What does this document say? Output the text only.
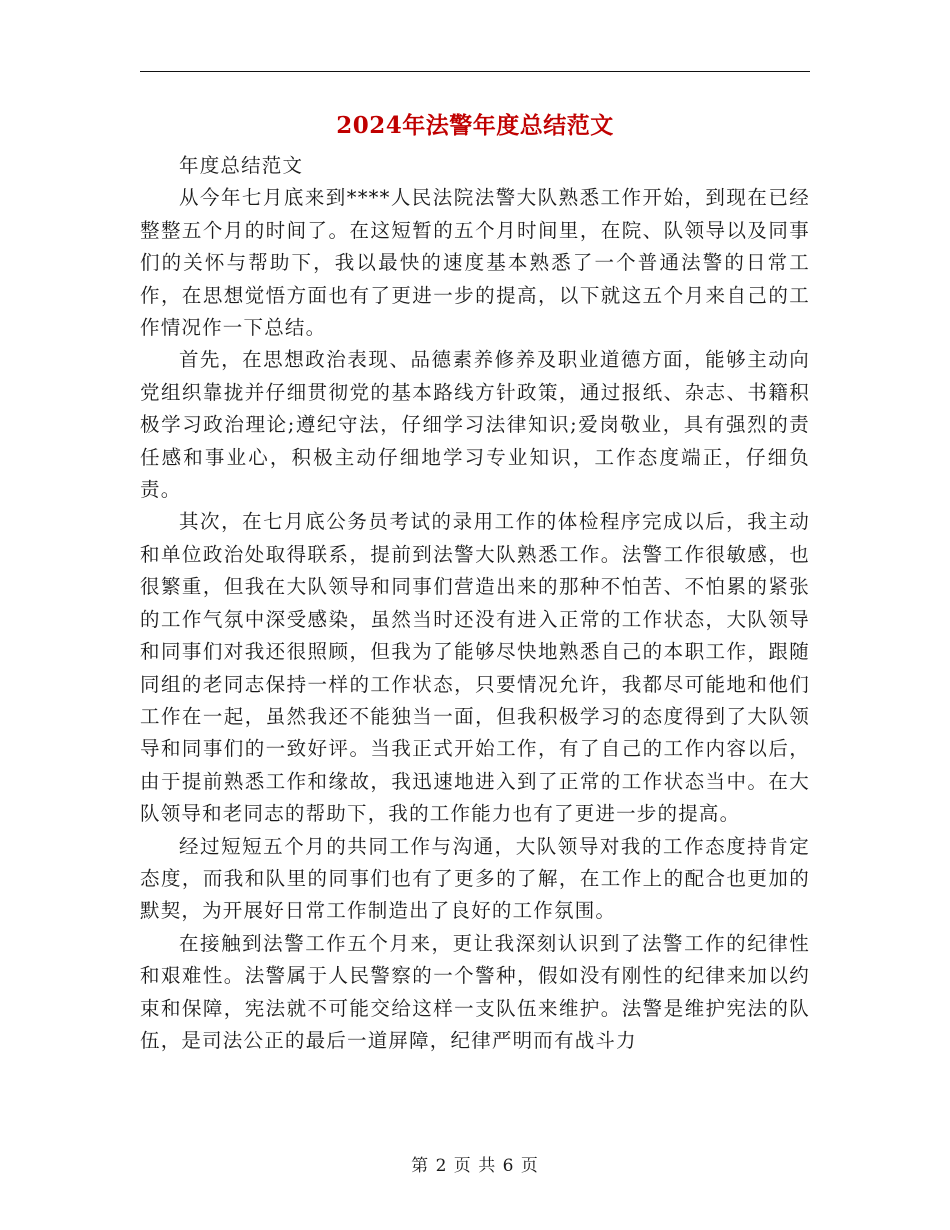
2024年法警年度总结范文

年度总结范文

从今年七月底来到****人民法院法警大队熟悉工作开始，到现在已经整整五个月的时间了。在这短暂的五个月时间里，在院、队领导以及同事们的关怀与帮助下，我以最快的速度基本熟悉了一个普通法警的日常工作，在思想觉悟方面也有了更进一步的提高，以下就这五个月来自己的工作情况作一下总结。

首先，在思想政治表现、品德素养修养及职业道德方面，能够主动向党组织靠拢并仔细贯彻党的基本路线方针政策，通过报纸、杂志、书籍积极学习政治理论;遵纪守法，仔细学习法律知识;爱岗敬业，具有强烈的责任感和事业心，积极主动仔细地学习专业知识，工作态度端正，仔细负责。

其次，在七月底公务员考试的录用工作的体检程序完成以后，我主动和单位政治处取得联系，提前到法警大队熟悉工作。法警工作很敏感，也很繁重，但我在大队领导和同事们营造出来的那种不怕苦、不怕累的紧张的工作气氛中深受感染，虽然当时还没有进入正常的工作状态，大队领导和同事们对我还很照顾，但我为了能够尽快地熟悉自己的本职工作，跟随同组的老同志保持一样的工作状态，只要情况允许，我都尽可能地和他们工作在一起，虽然我还不能独当一面，但我积极学习的态度得到了大队领导和同事们的一致好评。当我正式开始工作，有了自己的工作内容以后，由于提前熟悉工作和缘故，我迅速地进入到了正常的工作状态当中。在大队领导和老同志的帮助下，我的工作能力也有了更进一步的提高。

经过短短五个月的共同工作与沟通，大队领导对我的工作态度持肯定态度，而我和队里的同事们也有了更多的了解，在工作上的配合也更加的默契，为开展好日常工作制造出了良好的工作氛围。

在接触到法警工作五个月来，更让我深刻认识到了法警工作的纪律性和艰难性。法警属于人民警察的一个警种，假如没有刚性的纪律来加以约束和保障，宪法就不可能交给这样一支队伍来维护。法警是维护宪法的队伍，是司法公正的最后一道屏障，纪律严明而有战斗力

第 2 页 共 6 页
